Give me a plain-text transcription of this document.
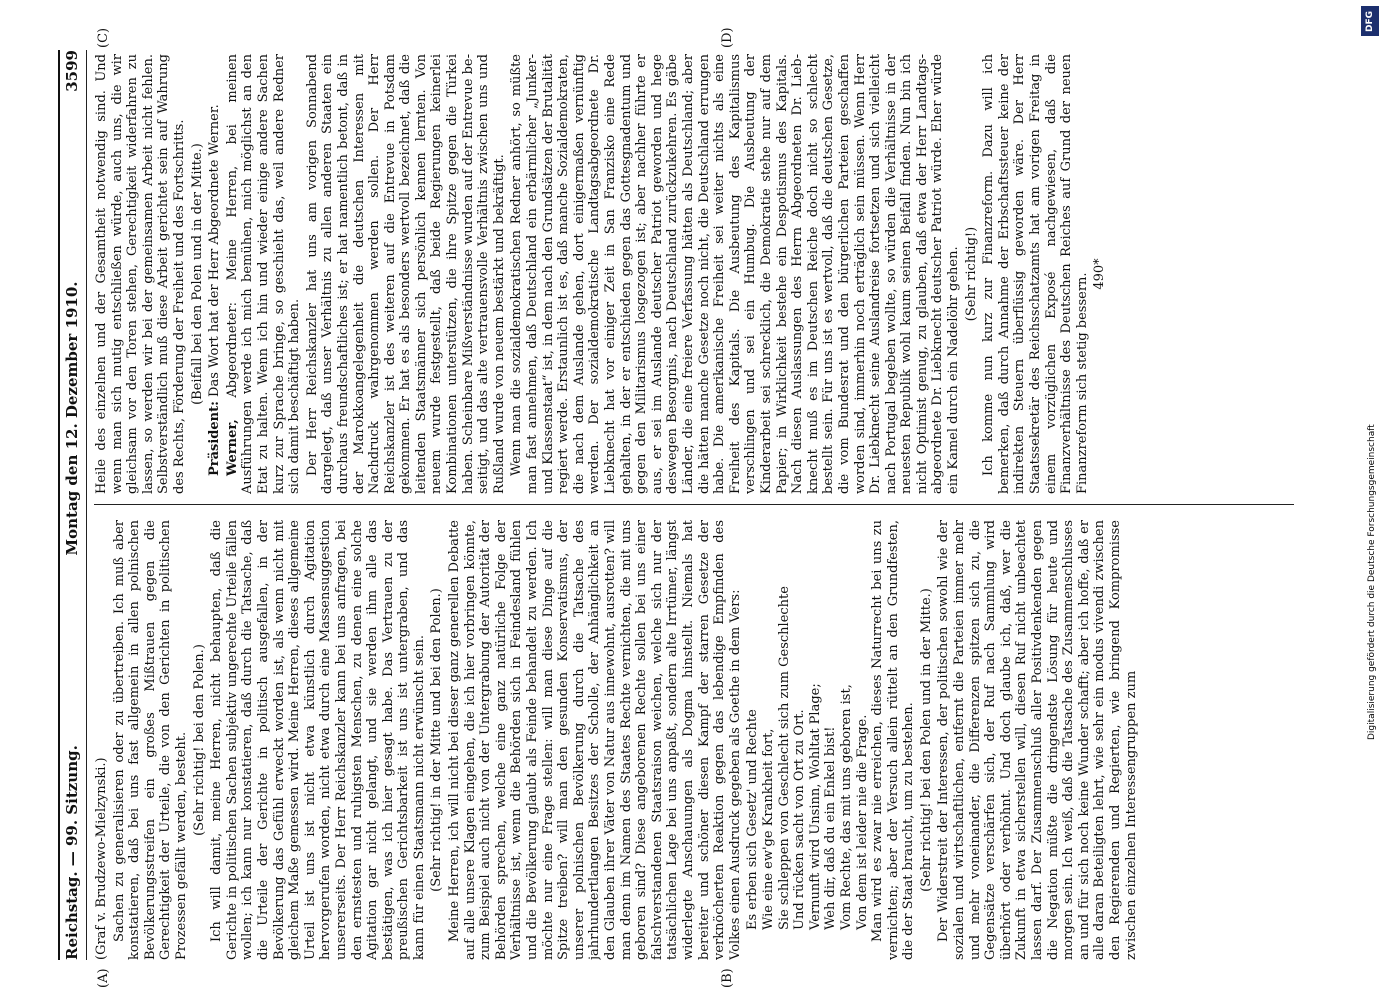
DFG
Digitalisierung gefördert durch die Deutsche Forschungsgemeinschaft
Reichstag. — 99. Sitzung.
Montag den 12. Dezember 1910.
3599

(Graf v. Brudzewo-Mielzynski.) Sachen zu generalisieren oder zu übertreiben. Ich muß aber konstatieren, daß bei uns fast allgemein in allen polnischen Bevölkerungsstreifen ein großes Mißtrauen gegen die Gerechtigkeit der Urteile, die von den Gerichten in politischen Prozessen gefällt werden, besteht. (Sehr richtig! bei den Polen.) Ich will damit, meine Herren, nicht behaupten, daß die Gerichte in politischen Sachen subjektiv ungerechte Urteile fällen wollen; ich kann nur konstatieren, daß durch die Tatsache, daß die Urteile der Gerichte in politisch ausgefallen, in der Bevölkerung das Gefühl erweckt worden ist, als wenn nicht mit gleichem Maße gemessen wird. Meine Herren, dieses allgemeine Urteil ist uns ist nicht etwa künstlich durch Agitation hervorgerufen worden, nicht etwa durch eine Massensuggestion unsererseits. Der Herr Reichskanzler kann bei uns anfragen, bei den ernstesten und ruhigsten Menschen, zu denen eine solche Agitation gar nicht gelangt, und sie werden ihm alle das bestätigen, was ich hier gesagt habe. Das Vertrauen zu der preußischen Gerichtsbarkeit ist uns ist untergraben, und das kann für einen Staatsmann nicht erwünscht sein. (Sehr richtig! in der Mitte und bei den Polen.) Meine Herren, ich will nicht bei dieser ganz generellen Debatte auf alle unsere Klagen eingehen, die ich hier vorbringen könnte, zum Beispiel auch nicht von der Untergrabung der Autorität der Behörden sprechen, welche eine ganz natürliche Folge der Verhältnisse ist, wenn die Behörden sich in Feindesland fühlen und die Bevölkerung glaubt als Feinde behandelt zu werden. Ich möchte nur eine Frage stellen: will man diese Dinge auf die Spitze treiben? will man den gesunden Konservatismus, der unserer polnischen Bevölkerung durch die Tatsache des jahrhundertlangen Besitzes der Scholle, der Anhänglichkeit an den Glauben ihrer Väter von Natur aus innewohnt, ausrotten? will man denn im Namen des Staates Rechte vernichten, die mit uns geboren sind? Diese angeborenen Rechte sollen bei uns einer falschverstandenen Staatsraison weichen, welche sich nur der tatsächlichen Lage bei uns anpaßt, sondern alte Irrtümer, längst widerlegte Anschauungen als Dogma hinstellt. Niemals hat bereiter und schöner diesen Kampf der starren Gesetze der verknöcherten Reaktion gegen das lebendige Empfinden des Volkes einen Ausdruck gegeben als Goethe in dem Vers: Es erben sich Gesetz' und Rechte Wie eine ew'ge Krankheit fort, Sie schleppen von Geschlecht sich zum Geschlechte Und rücken sacht von Ort zu Ort. Vernunft wird Unsinn, Wohltat Plage; Weh dir, daß du ein Enkel bist! Vom Rechte, das mit uns geboren ist, Von dem ist leider nie die Frage. Man wird es zwar nie erreichen, dieses Naturrecht bei uns zu vernichten; aber der Versuch allein rüttelt an den Grundfesten, die der Staat braucht, um zu bestehen. (Sehr richtig! bei den Polen und in der Mitte.) Der Widerstreit der Interessen, der politischen sowohl wie der sozialen und wirtschaftlichen, entfernt die Parteien immer mehr und mehr voneinander, die Differenzen spitzen sich zu, die Gegensätze verschärfen sich, der Ruf nach Sammlung wird überhört oder verhöhnt. Und doch glaube ich, daß, wer die Zukunft in etwa sicherstellen will, diesen Ruf nicht unbeachtet lassen darf. Der Zusammenschluß aller Positivdenkenden gegen die Negation müßte die dringendste Lösung für heute und morgen sein. Ich weiß, daß die Tatsache des Zusammenschlusses an und für sich noch keine Wunder schafft; aber ich hoffe, daß er alle daran Beteiligten lehrt, wie sehr ein modus vivendi zwischen den Regierenden und Regierten, wie bringend Kompromisse zwischen einzelnen Interessengruppen zum

Heile des einzelnen und der Gesamtheit notwendig sind. Und wenn man sich mutig entschließen würde, auch uns, die wir gleichsam vor den Toren stehen, Gerechtigkeit widerfahren zu lassen, so werden wir bei der gemeinsamen Arbeit nicht fehlen. Selbstverständlich muß diese Arbeit gerichtet sein auf Wahrung des Rechts, Förderung der Freiheit und des Fortschritts. (Beifall bei den Polen und in der Mitte.)

Präsident: Das Wort hat der Herr Abgeordnete Werner.

Werner, Abgeordneter: Meine Herren, bei meinen Ausführungen werde ich mich bemühen, mich möglichst an den Etat zu halten. Wenn ich hin und wieder einige andere Sachen kurz zur Sprache bringe, so geschieht das, weil andere Redner sich damit beschäftigt haben. Der Herr Reichskanzler hat uns am vorigen Sonnabend dargelegt, daß unser Verhältnis zu allen anderen Staaten ein durchaus freundschaftliches ist; er hat namentlich betont, daß in der Marokkoangelegenheit die deutschen Interessen mit Nachdruck wahrgenommen werden sollen. Der Herr Reichskanzler ist des weiteren auf die Entrevue in Potsdam gekommen. Er hat es als besonders wertvoll bezeichnet, daß die leitenden Staatsmänner sich persönlich kennen lernten. Von neuem wurde festgestellt, daß beide Regierungen keinerlei Kombinationen unterstützen, die ihre Spitze gegen die Türkei haben. Scheinbare Mißverständnisse wurden auf der Entrevue beseitigt, und das alte vertrauensvolle Verhältnis zwischen uns und Rußland wurde von neuem bestärkt und bekräftigt. Wenn man die sozialdemokratischen Redner anhört, so müßte man fast annehmen, daß Deutschland ein erbärmlicher „Junker- und Klassenstaat“ ist, in dem nach den Grundsätzen der Brutalität regiert werde. Erstaunlich ist es, daß manche Sozialdemokraten, die nach dem Auslande gehen, dort einigermaßen vernünftig werden. Der sozialdemokratische Landtagsabgeordnete Dr. Liebknecht hat vor einiger Zeit in San Franzisko eine Rede gehalten, in der er entschieden gegen das Gottesgnadentum und gegen den Militarismus losgezogen ist; aber nachher führte er aus, er sei im Auslande deutscher Patriot geworden und hege deswegen Besorgnis, nach Deutschland zurückzukehren. Es gäbe Länder, die eine freiere Verfassung hätten als Deutschland; aber die hätten manche Gesetze noch nicht, die Deutschland errungen habe. Die amerikanische Freiheit sei weiter nichts als eine Freiheit des Kapitals. Die Ausbeutung des Kapitalismus verschlingen und sei ein Humbug. Die Ausbeutung der Kinderarbeit sei schrecklich, die Demokratie stehe nur auf dem Papier; in Wirklichkeit bestehe ein Despotismus des Kapitals. Nach diesen Auslassungen des Herrn Abgeordneten Dr. Liebknecht muß es im Deutschen Reiche doch nicht so schlecht bestellt sein. Für uns ist es wertvoll, daß die deutschen Gesetze, die vom Bundesrat und den bürgerlichen Parteien geschaffen worden sind, immerhin noch erträglich sein müssen. Wenn Herr Dr. Liebknecht seine Auslandreise fortsetzen und sich vielleicht nach Portugal begeben wollte, so würden die Verhältnisse in der neuesten Republik wohl kaum seinen Beifall finden. Nun bin ich nicht Optimist genug, zu glauben, daß etwa der Herr Landtagsabgeordnete Dr. Liebknecht deutscher Patriot würde. Eher würde ein Kamel durch ein Nadelöhr gehen. (Sehr richtig!) Ich komme nun kurz zur Finanzreform. Dazu will ich bemerken, daß durch Annahme der Erbschaftssteuer keine der indirekten Steuern überflüssig geworden wäre. Der Herr Staatssekretär des Reichsschatzamts hat am vorigen Freitag in einem vorzüglichen Exposé nachgewiesen, daß die Finanzverhältnisse des Deutschen Reiches auf Grund der neuen Finanzreform sich stetig bessern. 490*

(A)	(B)
(C)	(D)
